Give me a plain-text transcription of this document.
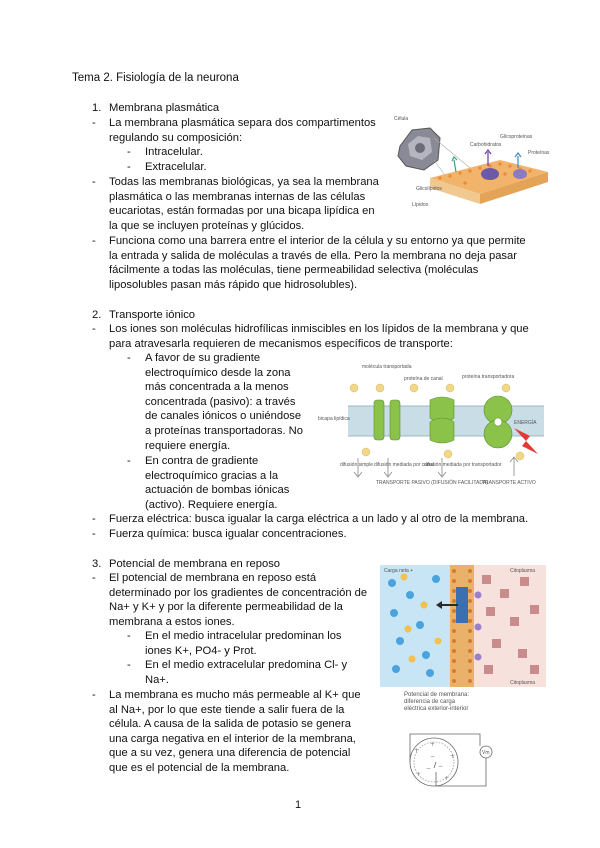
Tema 2. Fisiología de la neurona
1. Membrana plasmática
- La membrana plasmática separa dos compartimentos regulando su composición:
- Intracelular.
- Extracelular.
- Todas las membranas biológicas, ya sea la membrana plasmática o las membranas internas de las células eucariotas, están formadas por una bicapa lipídica en la que se incluyen proteínas y glúcidos.
- Funciona como una barrera entre el interior de la célula y su entorno ya que permite la entrada y salida de moléculas a través de ella. Pero la membrana no deja pasar fácilmente a todas las moléculas, tiene permeabilidad selectiva (moléculas liposolubles pasan más rápido que hidrosolubles).
Célula
Glicoproteínas
Carbohidratos
Proteínas
Glicolípidos
Lípidos
2. Transporte iónico
- Los iones son moléculas hidrofílicas inmiscibles en los lípidos de la membrana y que para atravesarla requieren de mecanismos específicos de transporte:
- A favor de su gradiente electroquímico desde la zona más concentrada a la menos concentrada (pasivo): a través de canales iónicos o uniéndose a proteínas transportadoras. No requiere energía.
- En contra de gradiente electroquímico gracias a la actuación de bombas iónicas (activo). Requiere energía.
- Fuerza eléctrica: busca igualar la carga eléctrica a un lado y al otro de la membrana.
- Fuerza química: busca igualar concentraciones.
molécula transportada
proteína de canal	proteína transportadora
bicapa lipídica
difusión simple difusión mediada por canal
difusión mediada por transportador
ENERGÍA
TRANSPORTE PASIVO (DIFUSIÓN FACILITADA)
TRANSPORTE ACTIVO
3. Potencial de membrana en reposo
- El potencial de membrana en reposo está determinado por los gradientes de concentración de Na+ y K+ y por la diferente permeabilidad de la membrana a estos iones.
- En el medio intracelular predominan los iones K+, PO4- y Prot.
- En el medio extracelular predomina Cl- y Na+.
- La membrana es mucho más permeable al K+ que al Na+, por lo que este tiende a salir fuera de la célula. A causa de la salida de potasio se genera una carga negativa en el interior de la membrana, que a su vez, genera una diferencia de potencial que es el potencial de la membrana.
Carga neta +	Citoplasma
Citoplasma
Potencial de membrana:
diferencia de carga
eléctrica exterior-interior
Vm
+
+
+
+
+
−
−
−
1
